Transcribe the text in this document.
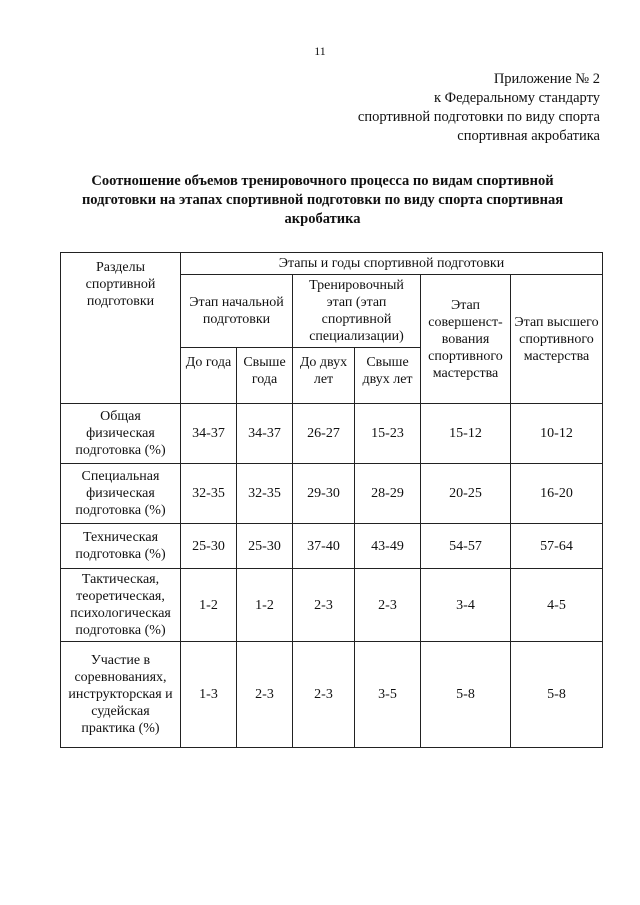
11
Приложение № 2
к Федеральному стандарту
спортивной подготовки по виду спорта
спортивная акробатика
Соотношение объемов тренировочного процесса по видам спортивной подготовки на этапах спортивной подготовки по виду спорта спортивная акробатика
Разделы спортивной подготовки	Этапы и годы спортивной подготовки					
	Этап начальной подготовки		Тренировочный этап (этап спортивной специализации)		Этап совершенст-вования спортивного мастерства	Этап высшего спортивного мастерства
	До года	Свыше года	До двух лет	Свыше двух лет		
Общая физическая подготовка (%)	34-37	34-37	26-27	15-23	15-12	10-12
Специальная физическая подготовка (%)	32-35	32-35	29-30	28-29	20-25	16-20
Техническая подготовка (%)	25-30	25-30	37-40	43-49	54-57	57-64
Тактическая, теоретическая, психологическая подготовка (%)	1-2	1-2	2-3	2-3	3-4	4-5
Участие в соревнованиях, инструкторская и судейская практика (%)	1-3	2-3	2-3	3-5	5-8	5-8
